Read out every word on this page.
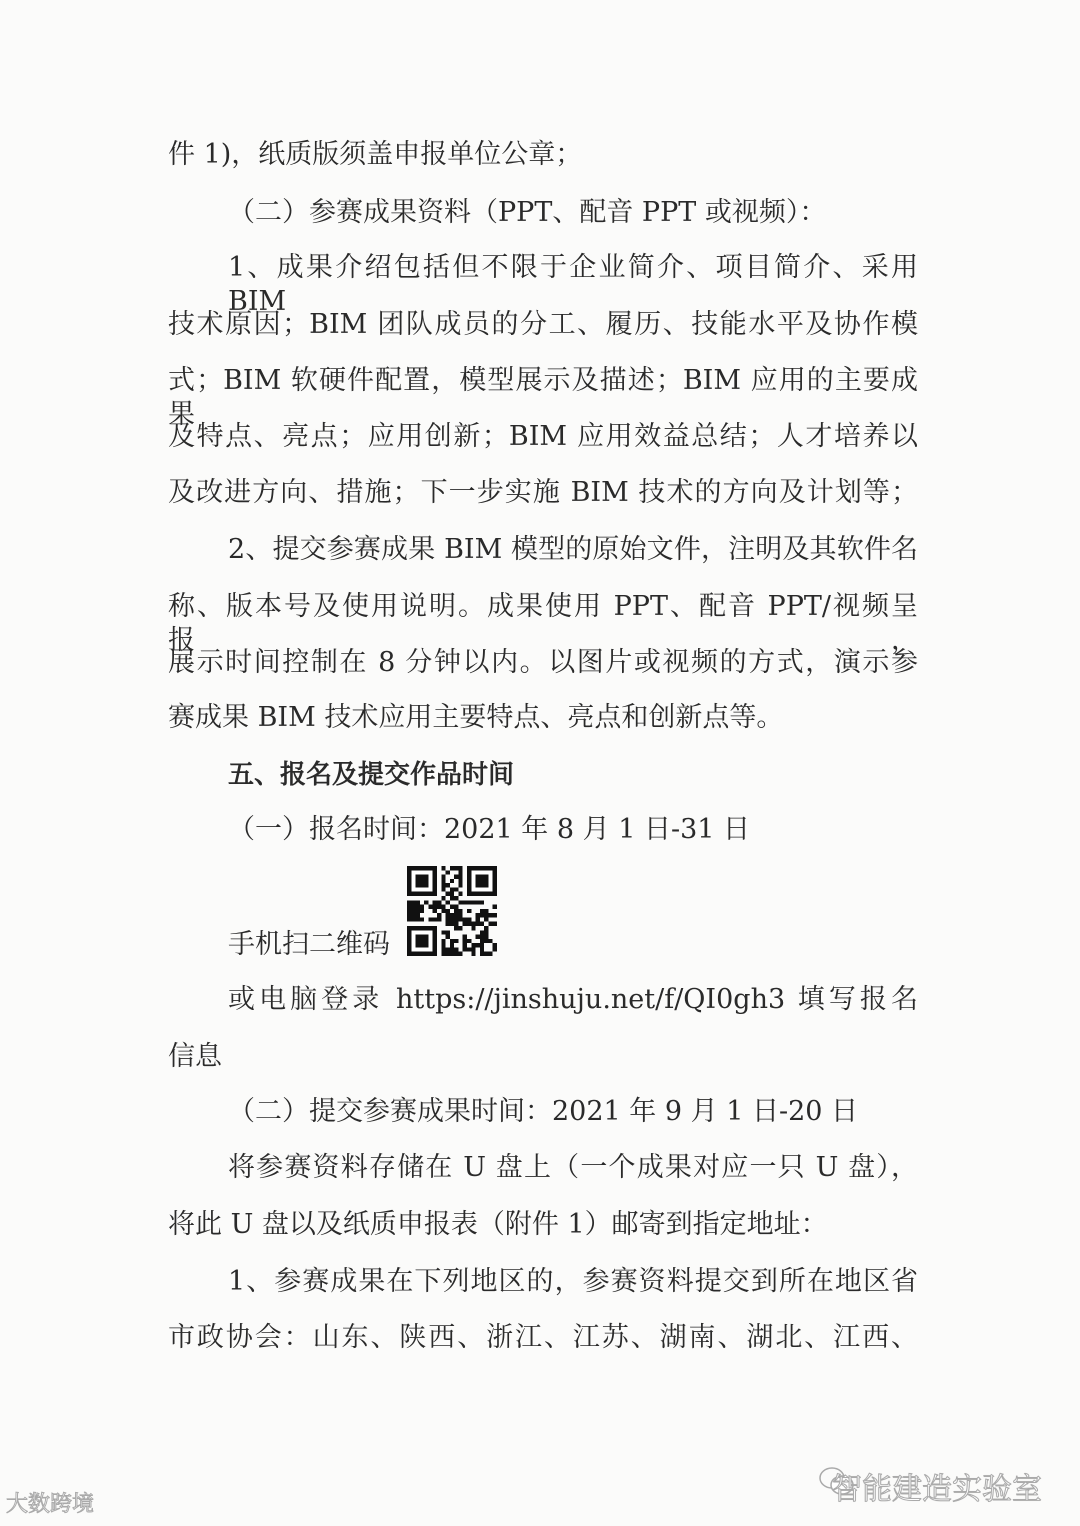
件 1)，纸质版须盖申报单位公章；
（二）参赛成果资料（PPT、配音 PPT 或视频）：
1、成果介绍包括但不限于企业简介、项目简介、采用 BIM
技术原因；BIM 团队成员的分工、履历、技能水平及协作模
式；BIM 软硬件配置，模型展示及描述；BIM 应用的主要成果
及特点、亮点；应用创新；BIM 应用效益总结；人才培养以
及改进方向、措施；下一步实施 BIM 技术的方向及计划等；
2、提交参赛成果 BIM 模型的原始文件，注明及其软件名
称、版本号及使用说明。成果使用 PPT、配音 PPT/视频呈报，
展示时间控制在 8 分钟以内。以图片或视频的方式，演示参
赛成果 BIM 技术应用主要特点、亮点和创新点等。
五、报名及提交作品时间
（一）报名时间：2021 年 8 月 1 日-31 日
手机扫二维码
或电脑登录 https://jinshuju.net/f/QI0gh3 填写报名
信息
（二）提交参赛成果时间：2021 年 9 月 1 日-20 日
将参赛资料存储在 U 盘上（一个成果对应一只 U 盘），
将此 U 盘以及纸质申报表（附件 1）邮寄到指定地址：
1、参赛成果在下列地区的，参赛资料提交到所在地区省
市政协会：山东、陕西、浙江、江苏、湖南、湖北、江西、
智能建造实验室
大数跨境
